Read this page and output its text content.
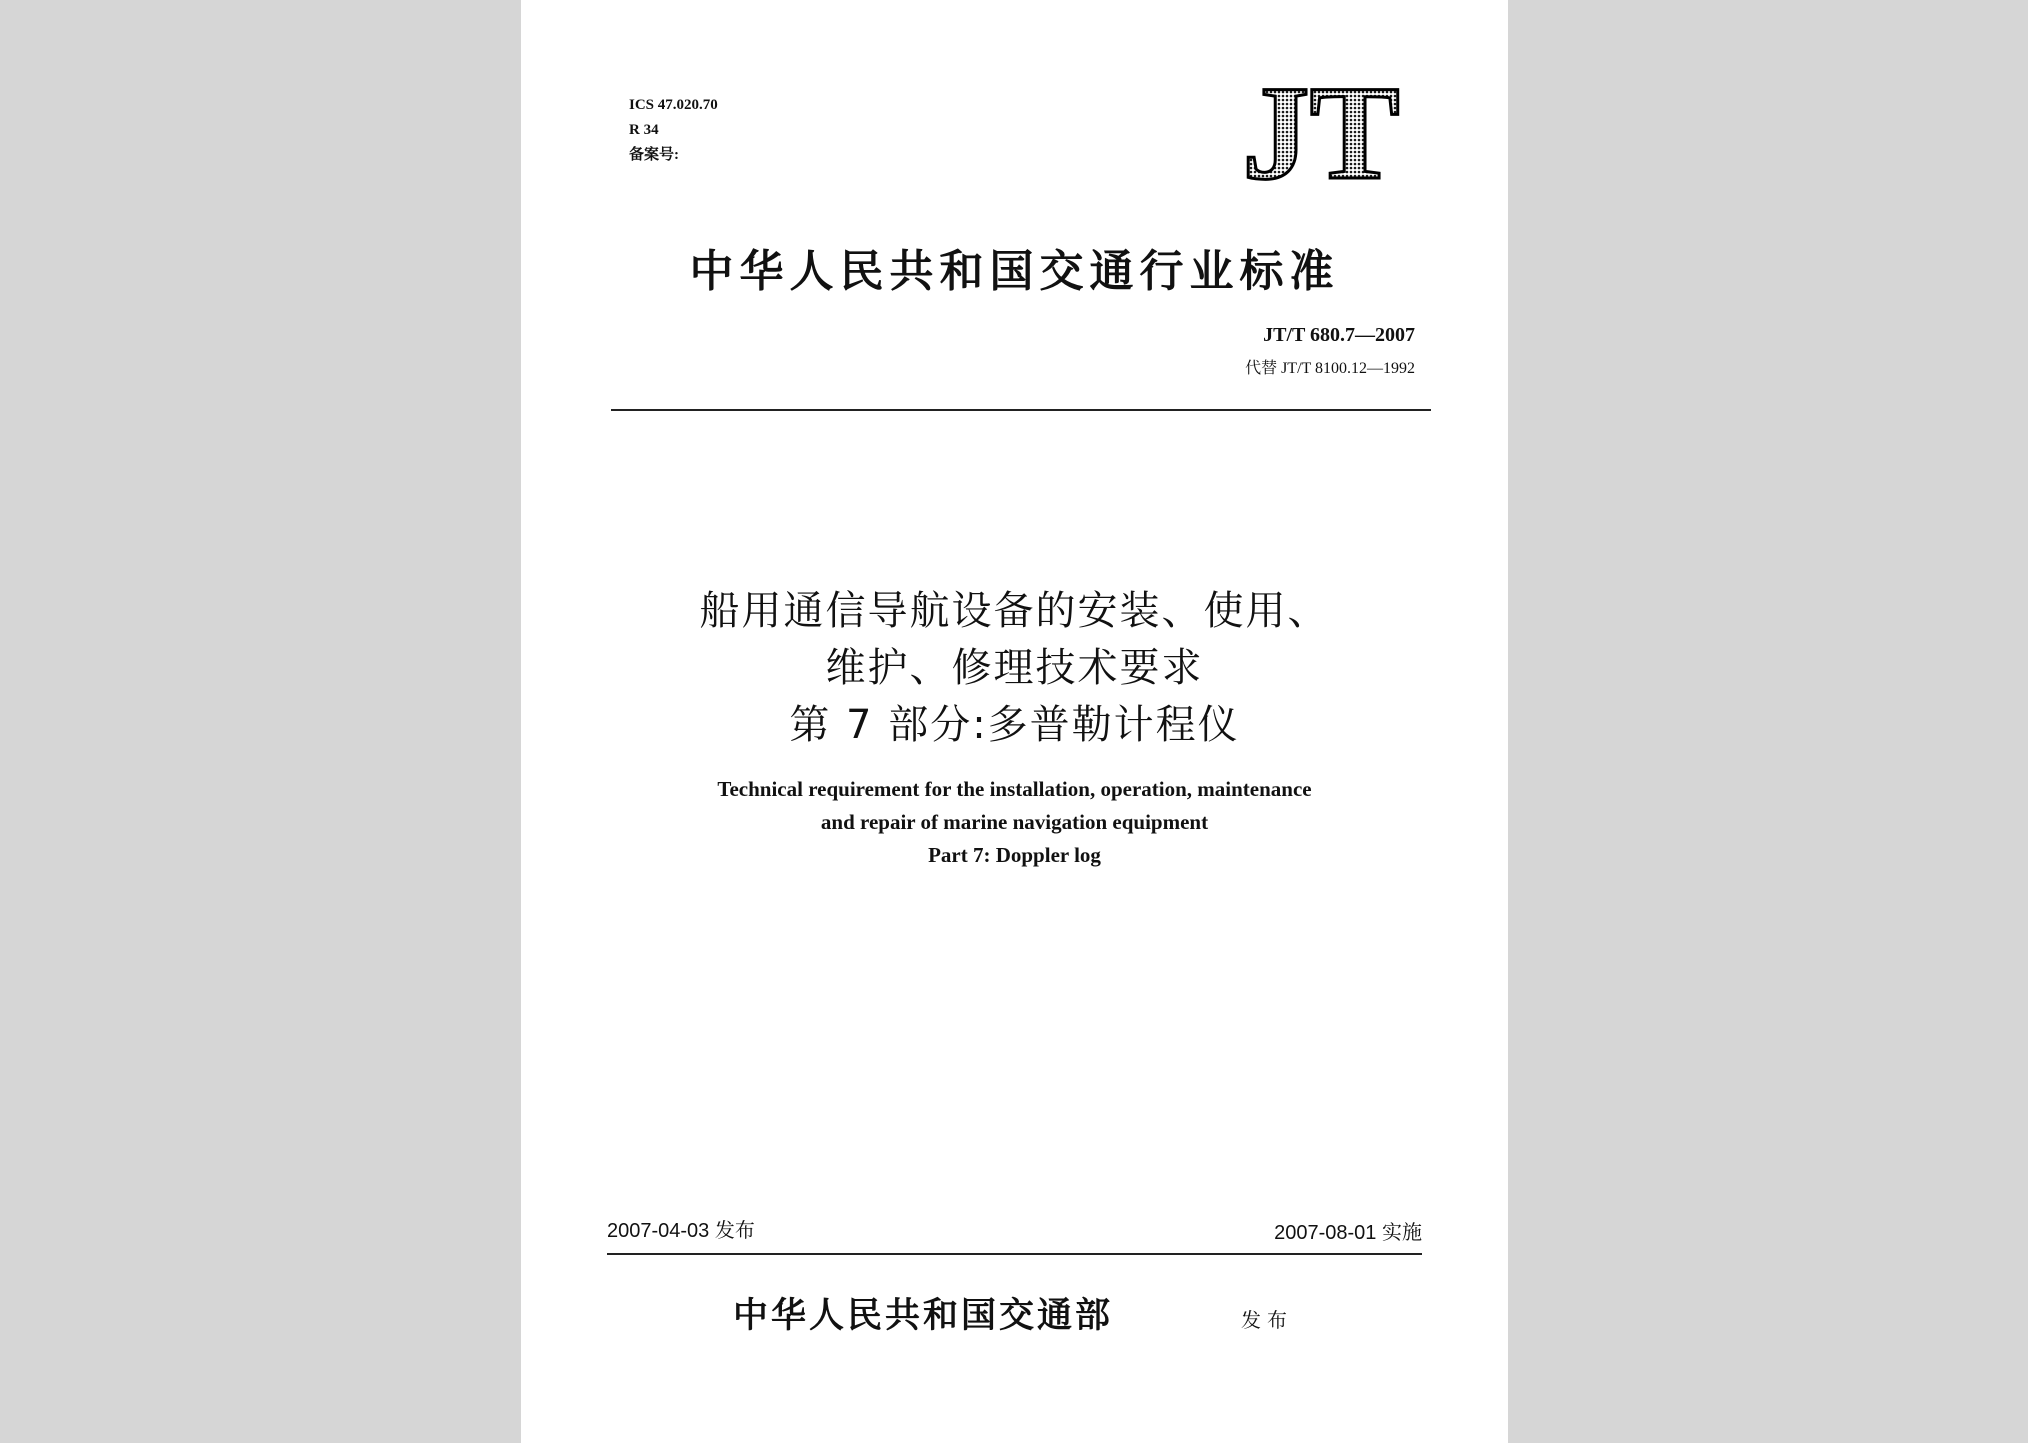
ICS 47.020.70
R 34
备案号:	JT
中华人民共和国交通行业标准
JT/T 680.7—2007
代替 JT/T 8100.12—1992
船用通信导航设备的安装、使用、
维护、修理技术要求
第 7 部分:多普勒计程仪
Technical requirement for the installation, operation, maintenance
and repair of marine navigation equipment
Part 7: Doppler log
2007-04-03 发布	2007-08-01 实施
中华人民共和国交通部	发布
